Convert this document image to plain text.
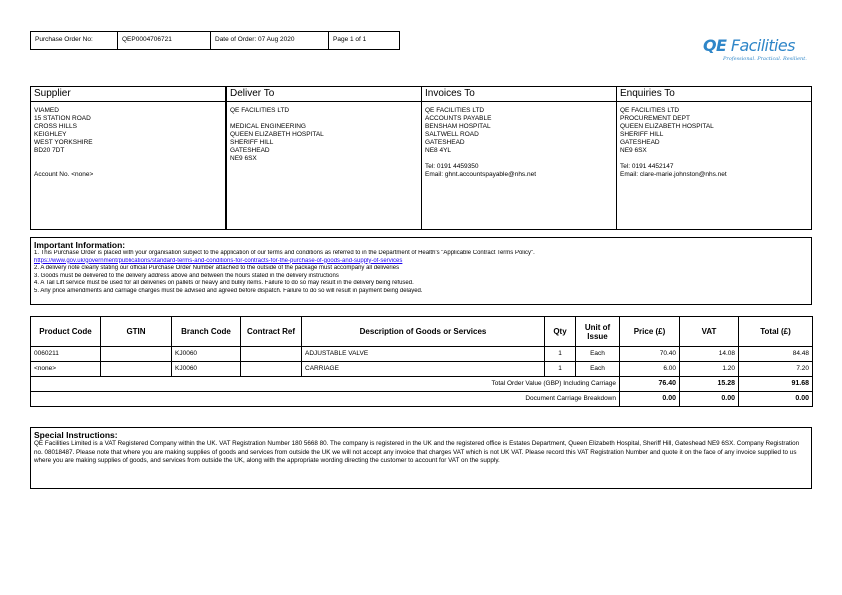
Purchase Order No:	QEP0004706721	Date of Order: 07 Aug 2020	Page 1 of 1	QE Facilities
Professional. Practical. Resilient.
Supplier
VIAMED
15 STATION ROAD
CROSS HILLS
KEIGHLEY
WEST YORKSHIRE
BD20 7DT
Account No. <none>
Deliver To
QE FACILITIES LTD
MEDICAL ENGINEERING
QUEEN ELIZABETH HOSPITAL
SHERIFF HILL
GATESHEAD
NE9 6SX
Invoices To
QE FACILITIES LTD
ACCOUNTS PAYABLE
BENSHAM HOSPITAL
SALTWELL ROAD
GATESHEAD
NE8 4YL
Tel: 0191 4459350
Email: ghnt.accountspayable@nhs.net
Enquiries To
QE FACILITIES LTD
PROCUREMENT DEPT
QUEEN ELIZABETH HOSPITAL
SHERIFF HILL
GATESHEAD
NE9 6SX
Tel: 0191 4452147
Email: clare-marie.johnston@nhs.net
Important Information:
1. This Purchase Order is placed with your organisation subject to the application of our terms and conditions as referred to in the Department of Health's "Applicable Contract Terms Policy".
https://www.gov.uk/government/publications/standard-terms-and-conditions-for-contracts-for-the-purchase-of-goods-and-supply-of-services
2. A delivery note clearly stating our official Purchase Order Number attached to the outside of the package must accompany all deliveries
3. Goods must be delivered to the delivery address above and between the hours stated in the delivery instructions
4. A Tail Lift service must be used for all deliveries on pallets or heavy and bulky items. Failure to do so may result in the delivery being refused.
5. Any price amendments and carriage charges must be advised and agreed before dispatch. Failure to do so will result in payment being delayed.
Product Code	GTIN	Branch Code	Contract Ref	Description of Goods or Services	Qty	Unit of Issue	Price (£)	VAT	Total (£)
0060211		KJ0060		ADJUSTABLE VALVE	1	Each	70.40	14.08	84.48
<none>		KJ0060		CARRIAGE	1	Each	6.00	1.20	7.20
Total Order Value (GBP) Including Carriage							76.40	15.28	91.68
Document Carriage Breakdown							0.00	0.00	0.00
Special Instructions:
QE Facilities Limited is a VAT Registered Company within the UK. VAT Registration Number 180 5668 80. The company is registered in the UK and the registered office is Estates Department, Queen Elizabeth Hospital, Sheriff Hill, Gateshead NE9 6SX. Company Registration no. 08018487. Please note that where you are making supplies of goods and services from outside the UK we will not accept any invoice that charges VAT which is not UK VAT. Please record this VAT Registration Number and quote it on the face of any invoice supplied to us where you are making supplies of goods, and services from outside the UK, along with the appropriate wording directing the customer to account for VAT on the supply.
